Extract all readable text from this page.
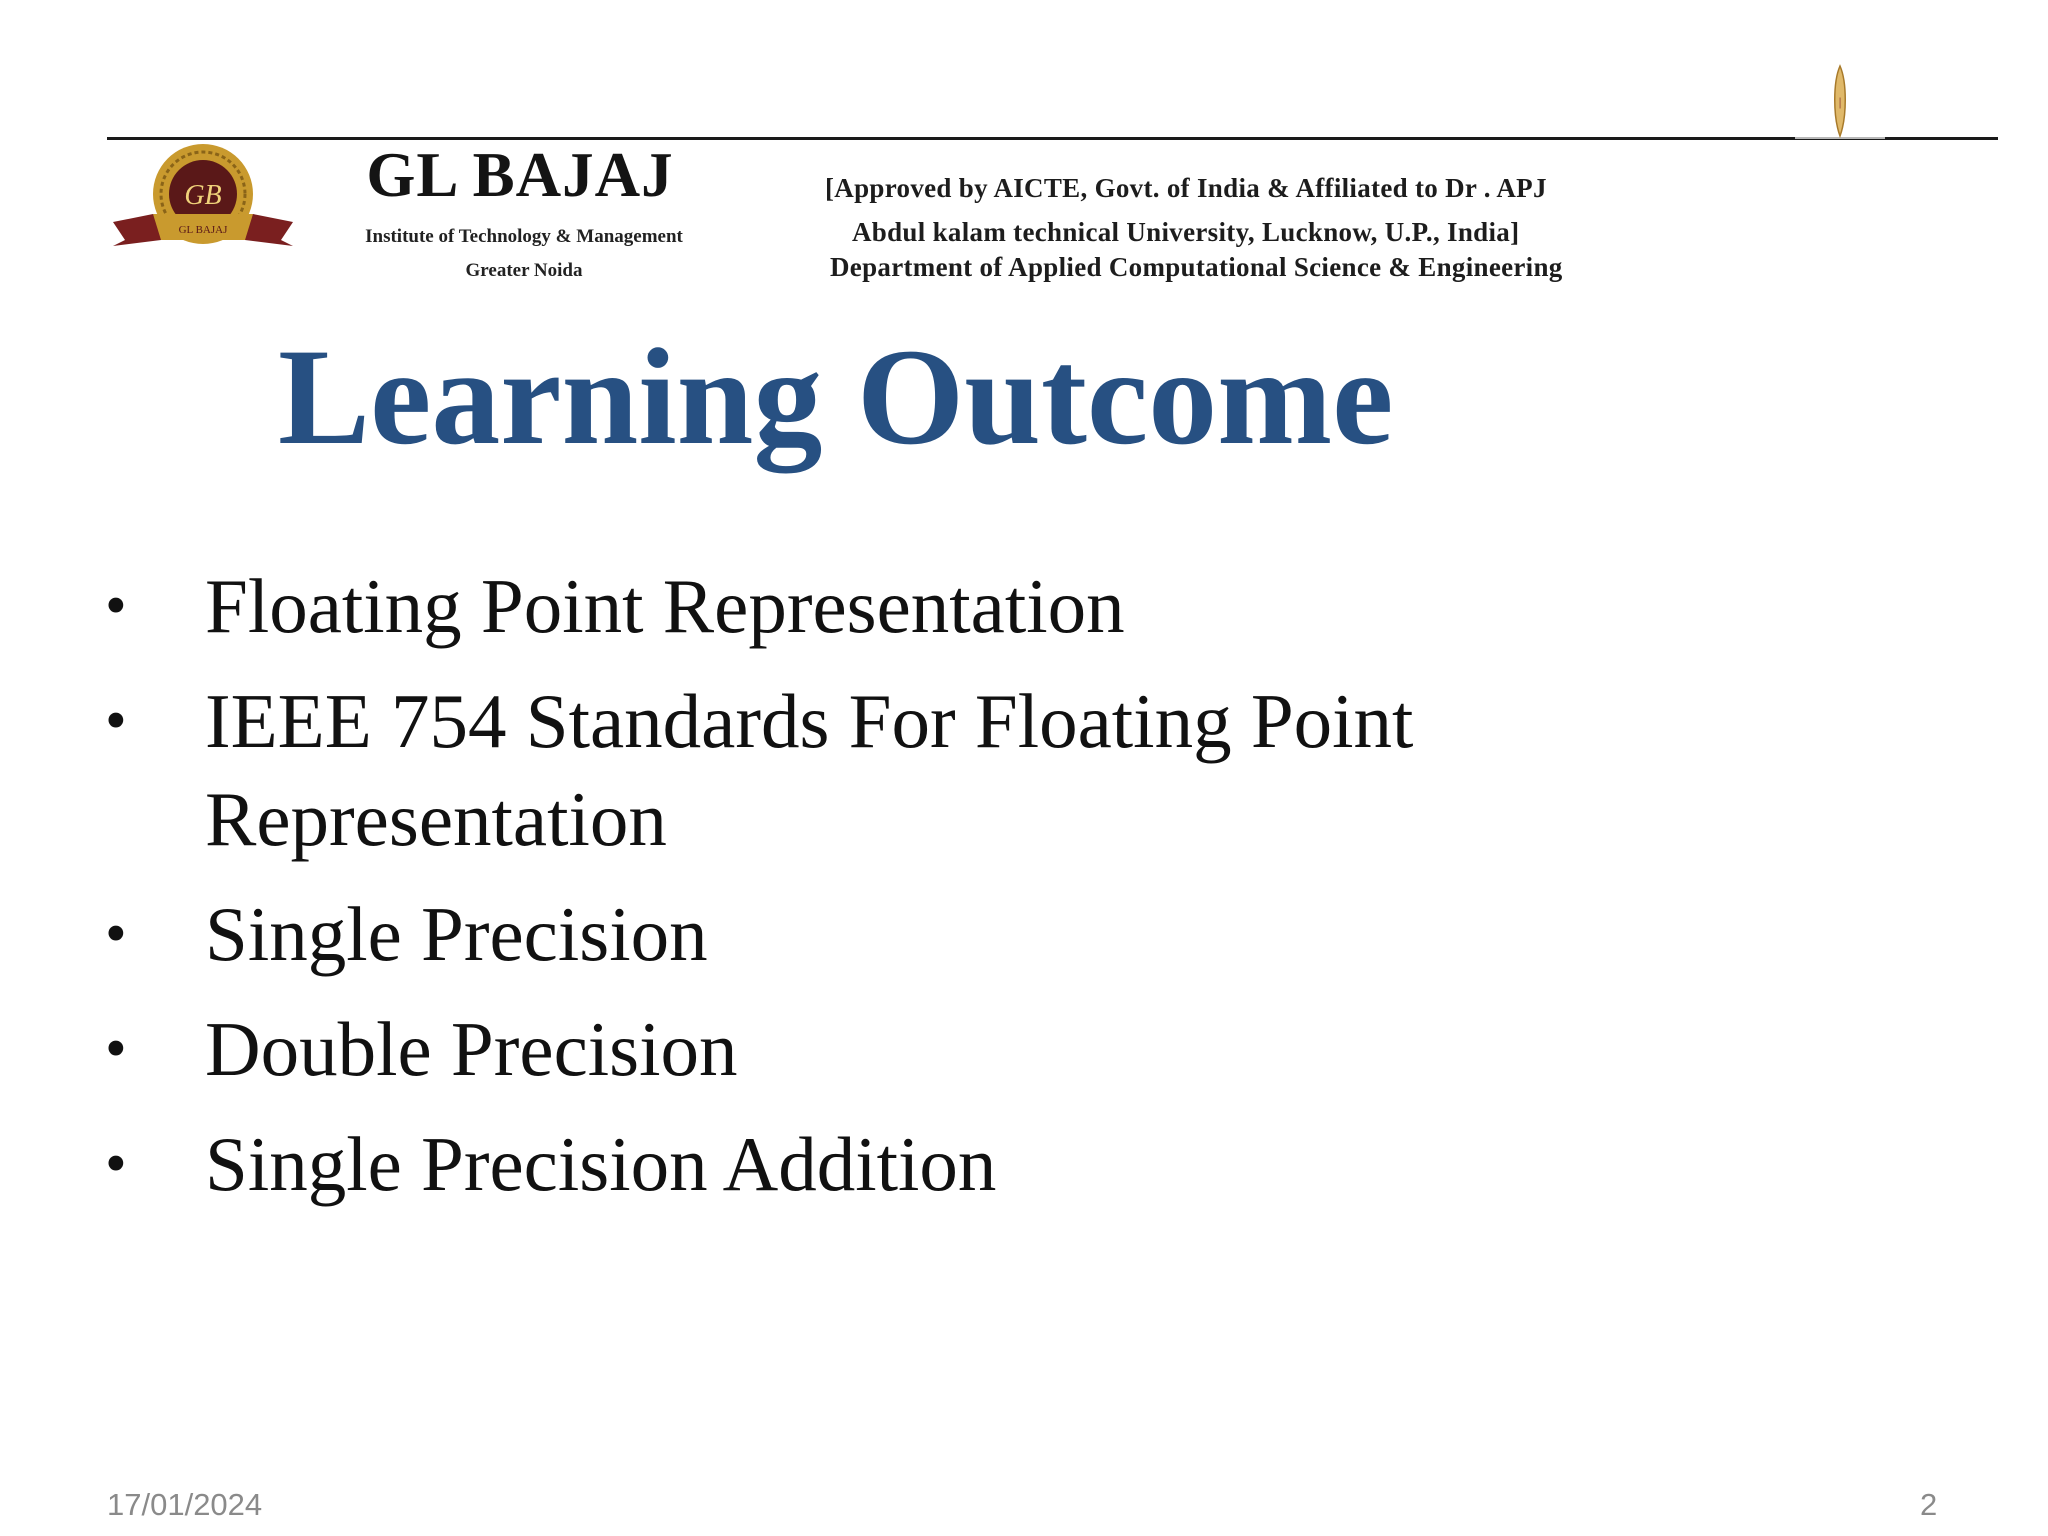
|
GB
GL BAJAJ
GL BAJAJ
Institute of Technology & Management
Greater Noida
[Approved by AICTE, Govt. of India & Affiliated to Dr . APJ
Abdul kalam technical University, Lucknow, U.P., India]
Department of Applied Computational Science & Engineering
Learning Outcome
• Floating Point Representation
• IEEE 754 Standards For Floating Point Representation
• Single Precision
• Double Precision
• Single Precision Addition
17/01/2024	2
